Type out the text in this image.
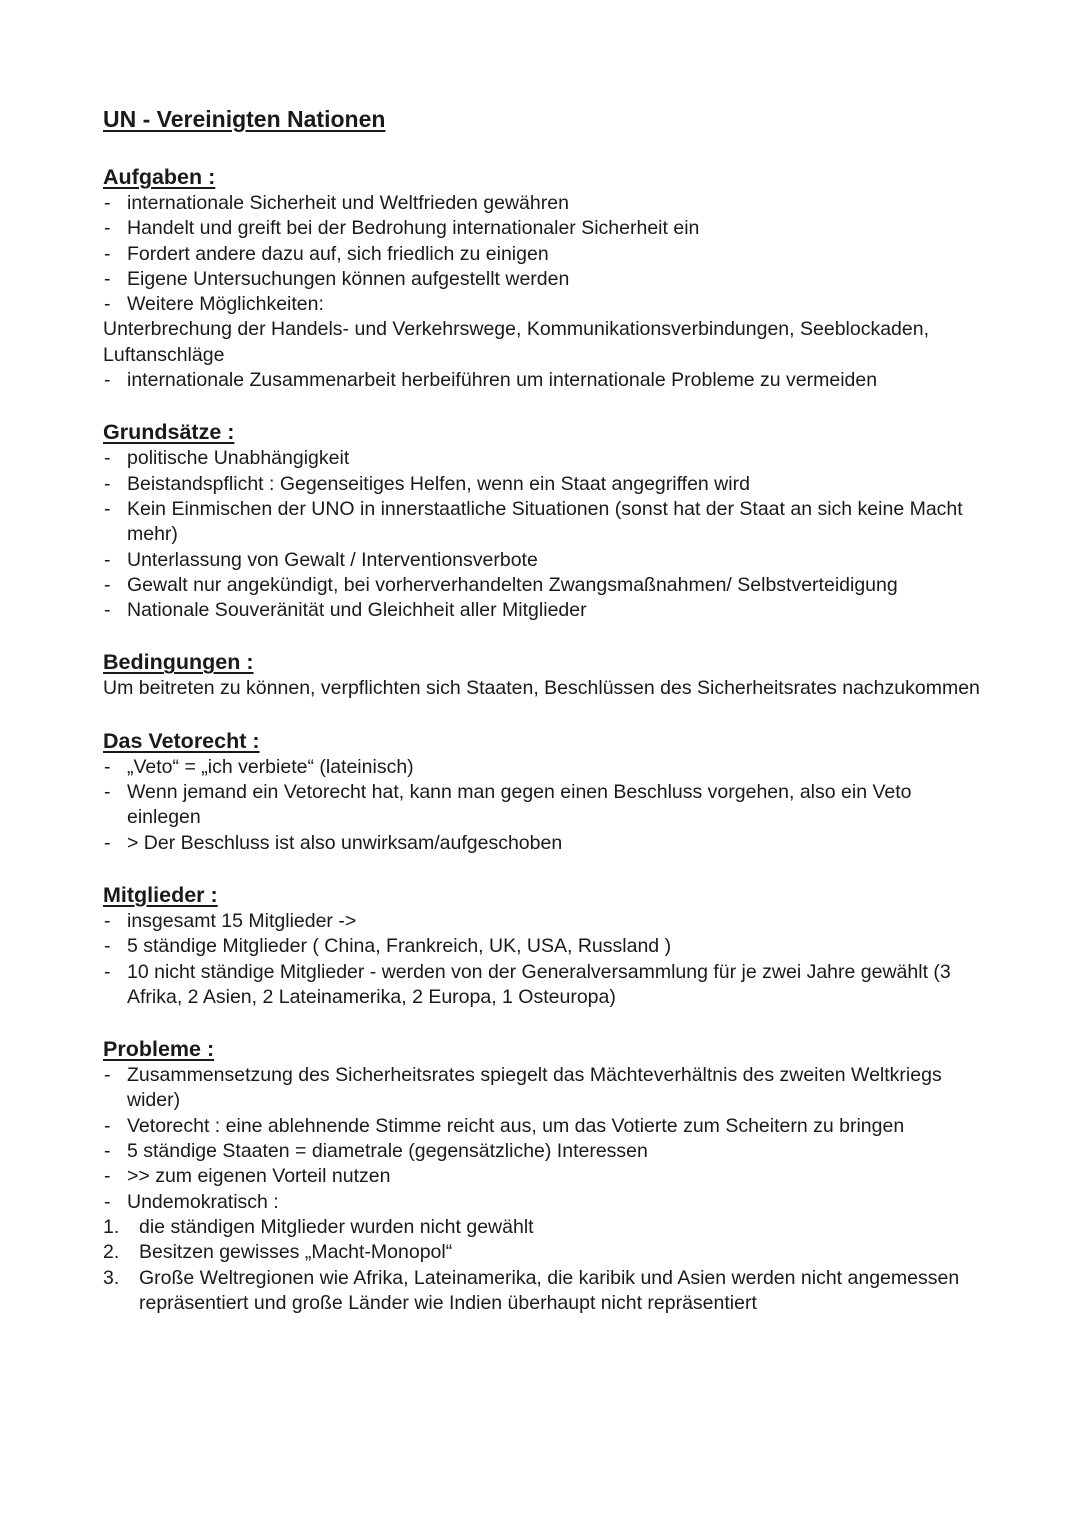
UN - Vereinigten Nationen
Aufgaben :
- internationale Sicherheit und Weltfrieden gewähren
- Handelt und greift bei der Bedrohung internationaler Sicherheit ein
- Fordert andere dazu auf, sich friedlich zu einigen
- Eigene Untersuchungen können aufgestellt werden
- Weitere Möglichkeiten:

Unterbrechung der Handels- und Verkehrswege, Kommunikationsverbindungen, Seeblockaden, Luftanschläge

- internationale Zusammenarbeit herbeiführen um internationale Probleme zu vermeiden
Grundsätze :
- politische Unabhängigkeit
- Beistandspflicht : Gegenseitiges Helfen, wenn ein Staat angegriffen wird
- Kein Einmischen der UNO in innerstaatliche Situationen (sonst hat der Staat an sich keine Macht mehr)
- Unterlassung von Gewalt / Interventionsverbote
- Gewalt nur angekündigt, bei vorherverhandelten Zwangsmaßnahmen/ Selbstverteidigung
- Nationale Souveränität und Gleichheit aller Mitglieder
Bedingungen :

Um beitreten zu können, verpflichten sich Staaten, Beschlüssen des Sicherheitsrates nachzukommen

Das Vetorecht :
- „Veto“ = „ich verbiete“ (lateinisch)
- Wenn jemand ein Vetorecht hat, kann man gegen einen Beschluss vorgehen, also ein Veto einlegen
- > Der Beschluss ist also unwirksam/aufgeschoben
Mitglieder :
- insgesamt 15 Mitglieder ->
- 5 ständige Mitglieder ( China, Frankreich, UK, USA, Russland )
- 10 nicht ständige Mitglieder - werden von der Generalversammlung für je zwei Jahre gewählt (3 Afrika, 2 Asien, 2 Lateinamerika, 2 Europa, 1 Osteuropa)
Probleme :
- Zusammensetzung des Sicherheitsrates spiegelt das Mächteverhältnis des zweiten Weltkriegs wider)
- Vetorecht : eine ablehnende Stimme reicht aus, um das Votierte zum Scheitern zu bringen
- 5 ständige Staaten = diametrale (gegensätzliche) Interessen
- >> zum eigenen Vorteil nutzen
- Undemokratisch :
1. die ständigen Mitglieder wurden nicht gewählt
2. Besitzen gewisses „Macht-Monopol“
3. Große Weltregionen wie Afrika, Lateinamerika, die karibik und Asien werden nicht angemessen repräsentiert und große Länder wie Indien überhaupt nicht repräsentiert
